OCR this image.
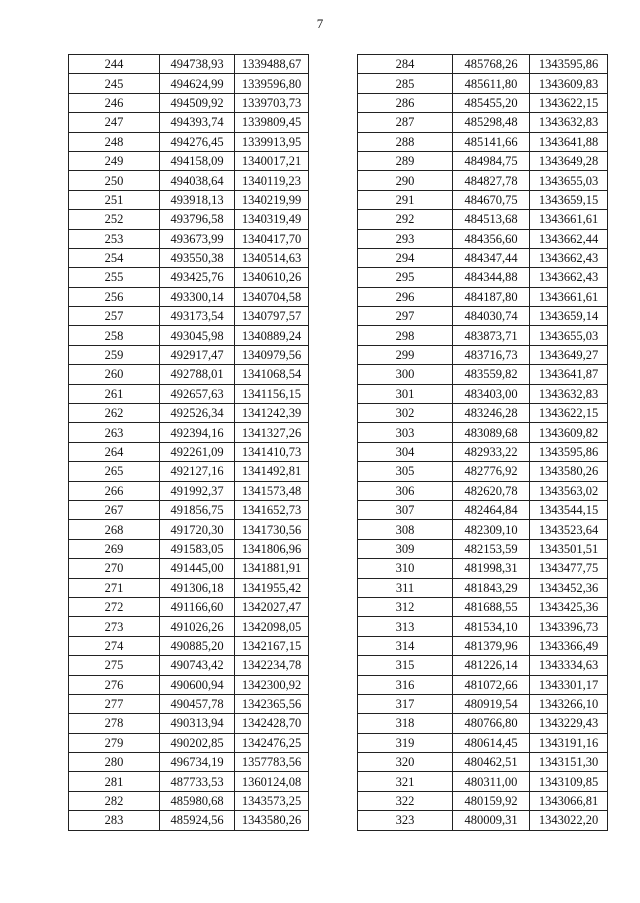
7
244	494738,93	1339488,67
245	494624,99	1339596,80
246	494509,92	1339703,73
247	494393,74	1339809,45
248	494276,45	1339913,95
249	494158,09	1340017,21
250	494038,64	1340119,23
251	493918,13	1340219,99
252	493796,58	1340319,49
253	493673,99	1340417,70
254	493550,38	1340514,63
255	493425,76	1340610,26
256	493300,14	1340704,58
257	493173,54	1340797,57
258	493045,98	1340889,24
259	492917,47	1340979,56
260	492788,01	1341068,54
261	492657,63	1341156,15
262	492526,34	1341242,39
263	492394,16	1341327,26
264	492261,09	1341410,73
265	492127,16	1341492,81
266	491992,37	1341573,48
267	491856,75	1341652,73
268	491720,30	1341730,56
269	491583,05	1341806,96
270	491445,00	1341881,91
271	491306,18	1341955,42
272	491166,60	1342027,47
273	491026,26	1342098,05
274	490885,20	1342167,15
275	490743,42	1342234,78
276	490600,94	1342300,92
277	490457,78	1342365,56
278	490313,94	1342428,70
279	490202,85	1342476,25
280	496734,19	1357783,56
281	487733,53	1360124,08
282	485980,68	1343573,25
283	485924,56	1343580,26
284	485768,26	1343595,86
285	485611,80	1343609,83
286	485455,20	1343622,15
287	485298,48	1343632,83
288	485141,66	1343641,88
289	484984,75	1343649,28
290	484827,78	1343655,03
291	484670,75	1343659,15
292	484513,68	1343661,61
293	484356,60	1343662,44
294	484347,44	1343662,43
295	484344,88	1343662,43
296	484187,80	1343661,61
297	484030,74	1343659,14
298	483873,71	1343655,03
299	483716,73	1343649,27
300	483559,82	1343641,87
301	483403,00	1343632,83
302	483246,28	1343622,15
303	483089,68	1343609,82
304	482933,22	1343595,86
305	482776,92	1343580,26
306	482620,78	1343563,02
307	482464,84	1343544,15
308	482309,10	1343523,64
309	482153,59	1343501,51
310	481998,31	1343477,75
311	481843,29	1343452,36
312	481688,55	1343425,36
313	481534,10	1343396,73
314	481379,96	1343366,49
315	481226,14	1343334,63
316	481072,66	1343301,17
317	480919,54	1343266,10
318	480766,80	1343229,43
319	480614,45	1343191,16
320	480462,51	1343151,30
321	480311,00	1343109,85
322	480159,92	1343066,81
323	480009,31	1343022,20
